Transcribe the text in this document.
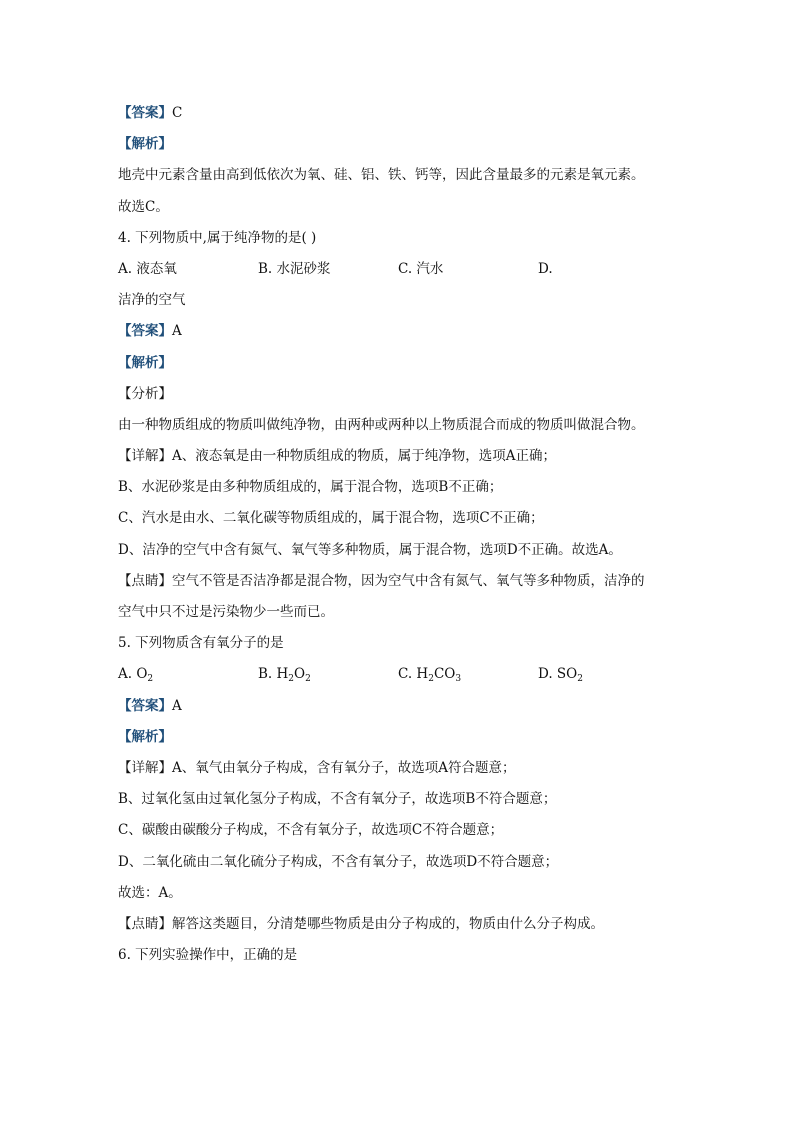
【答案】C
【解析】
地壳中元素含量由高到低依次为氧、硅、铝、铁、钙等，因此含量最多的元素是氧元素。
故选C。
4. 下列物质中,属于纯净物的是( )
A. 液态氧	B. 水泥砂浆	C. 汽水	D.
洁净的空气
【答案】A
【解析】
【分析】
由一种物质组成的物质叫做纯净物，由两种或两种以上物质混合而成的物质叫做混合物。
【详解】A、液态氧是由一种物质组成的物质，属于纯净物，选项A正确；
B、水泥砂浆是由多种物质组成的，属于混合物，选项B不正确；
C、汽水是由水、二氧化碳等物质组成的，属于混合物，选项C不正确；
D、洁净的空气中含有氮气、氧气等多种物质，属于混合物，选项D不正确。故选A。
【点睛】空气不管是否洁净都是混合物，因为空气中含有氮气、氧气等多种物质，洁净的
空气中只不过是污染物少一些而已。
5. 下列物质含有氧分子的是
A. $O_2$	B. $H_2O_2$	C. $H_2CO_3$	D. $SO_2$
【答案】A
【解析】
【详解】A、氧气由氧分子构成，含有氧分子，故选项A符合题意；
B、过氧化氢由过氧化氢分子构成，不含有氧分子，故选项B不符合题意；
C、碳酸由碳酸分子构成，不含有氧分子，故选项C不符合题意；
D、二氧化硫由二氧化硫分子构成，不含有氧分子，故选项D不符合题意；
故选：A。
【点睛】解答这类题目，分清楚哪些物质是由分子构成的，物质由什么分子构成。
6. 下列实验操作中，正确的是
